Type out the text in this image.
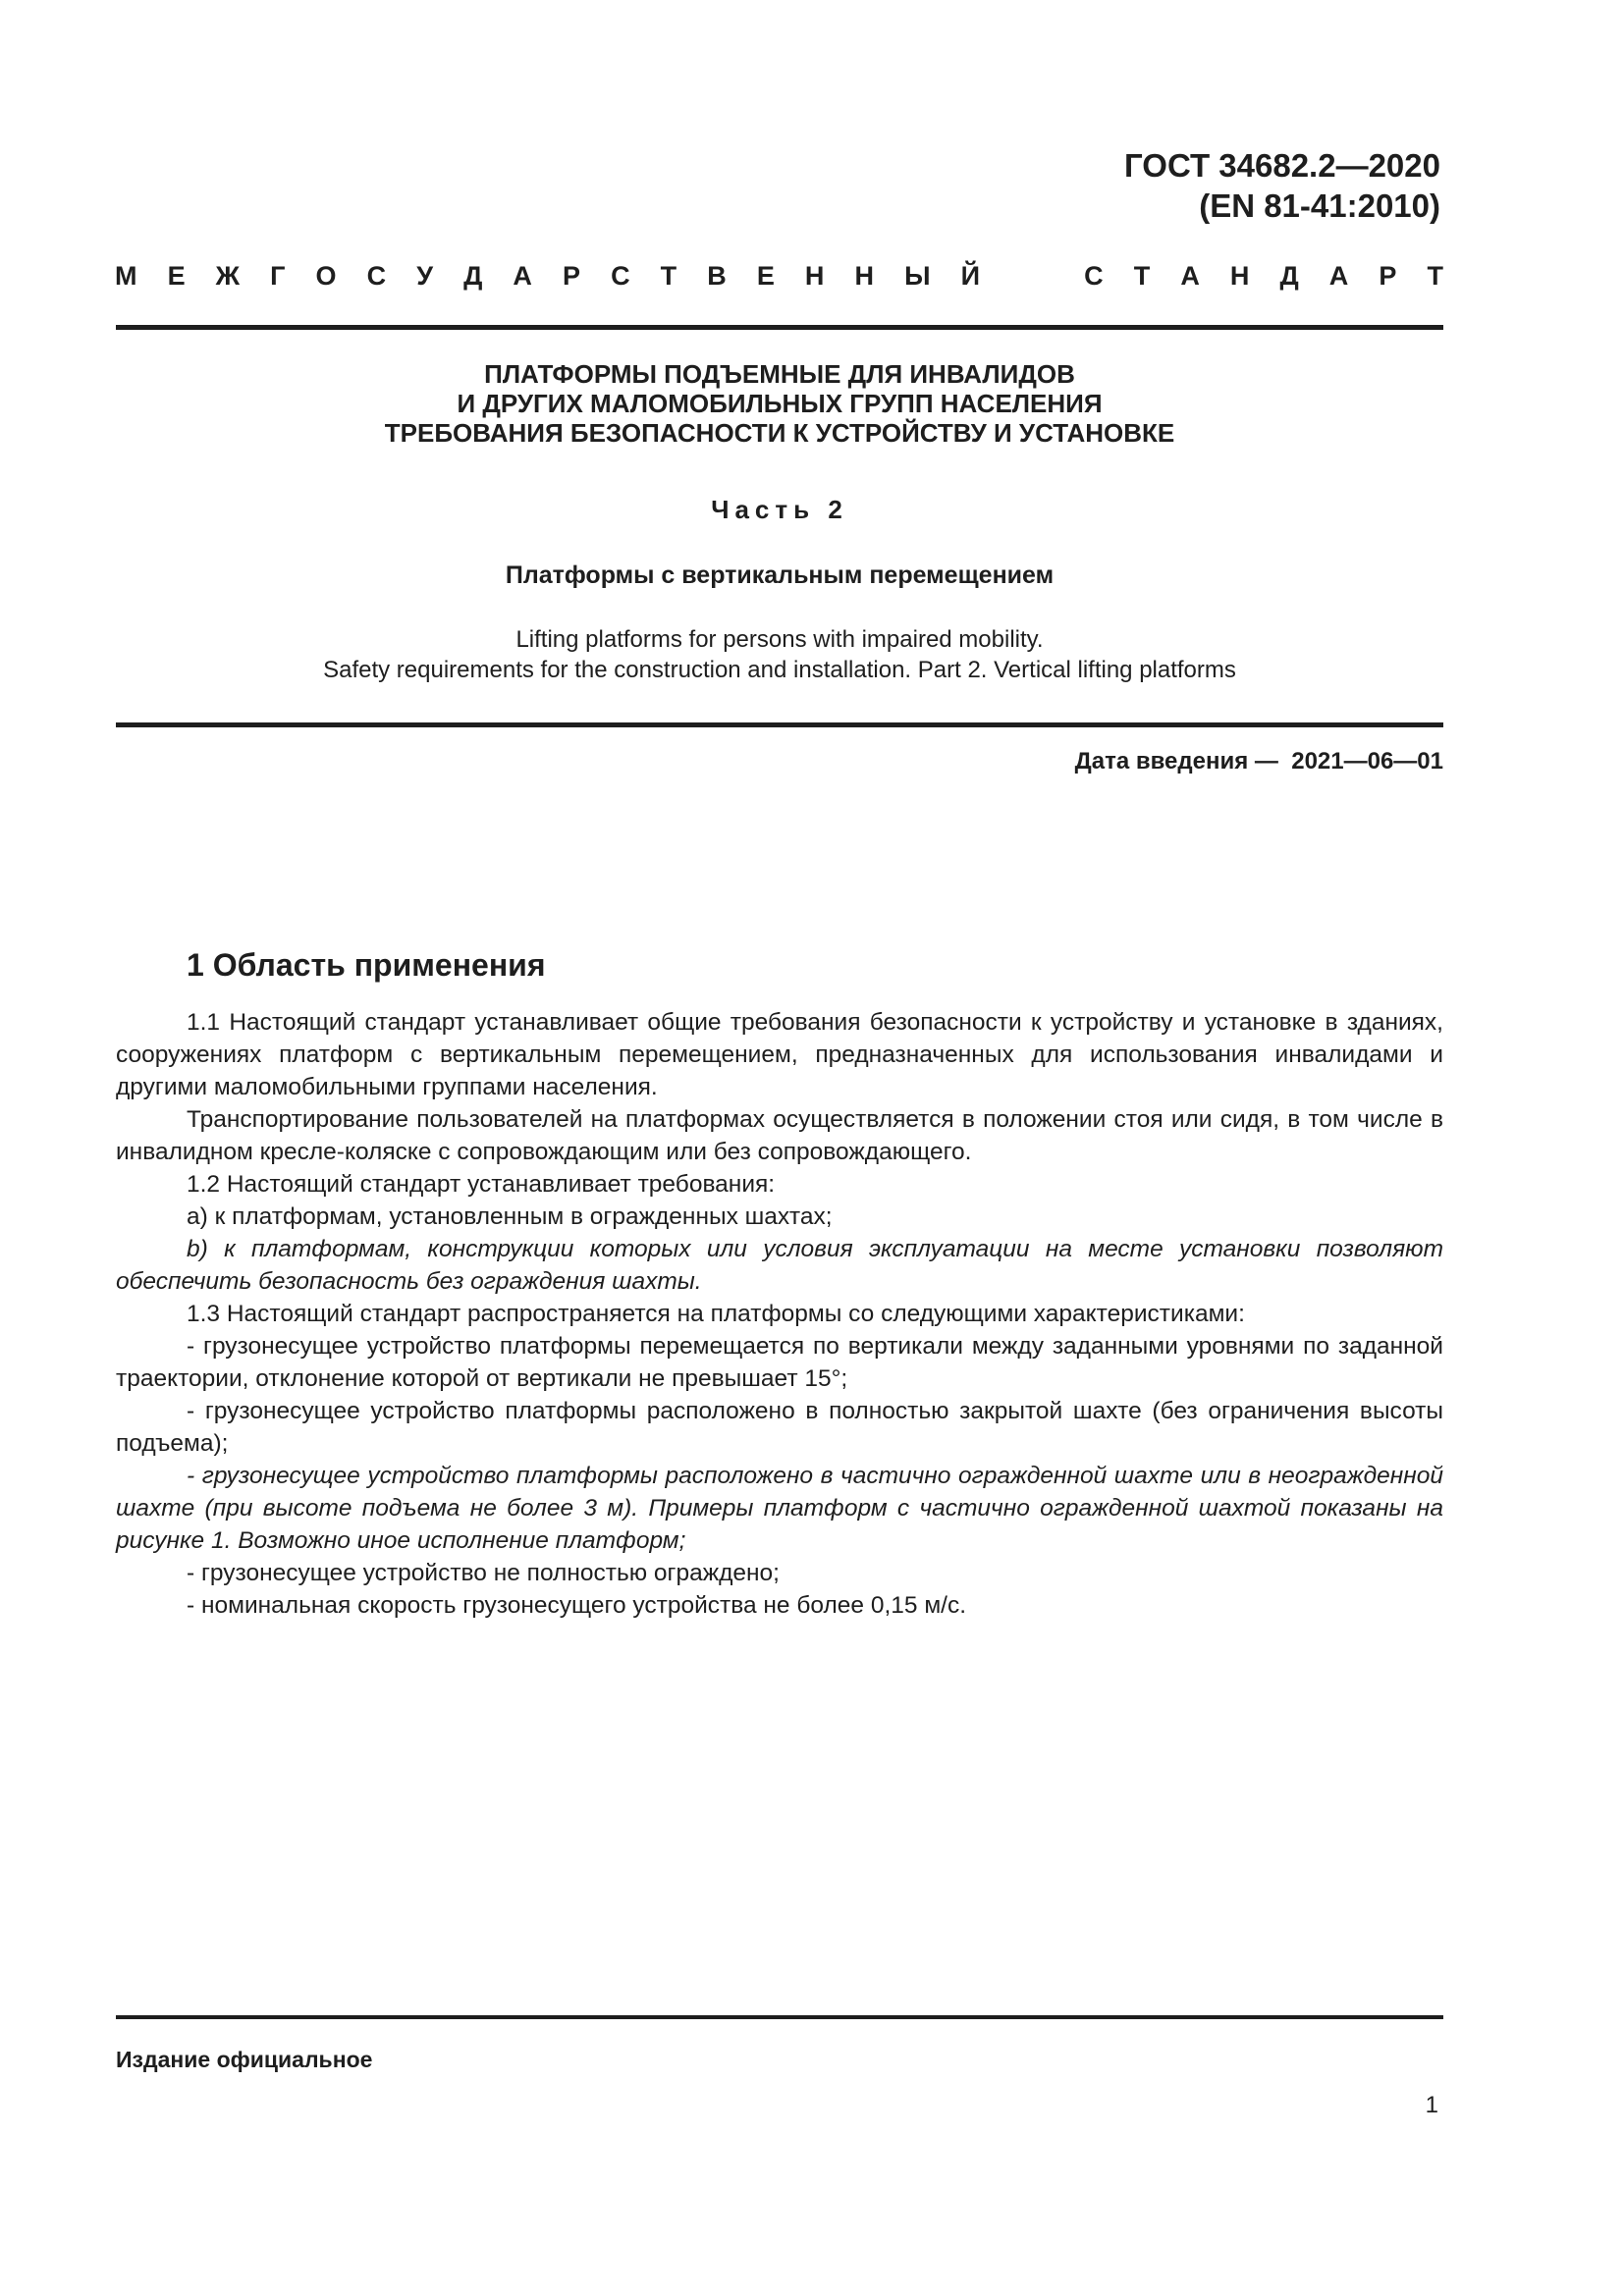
ГОСТ 34682.2—2020
(EN 81-41:2010)
М Е Ж Г О С У Д А Р С Т В Е Н Н Ы Й	С Т А Н Д А Р Т
ПЛАТФОРМЫ ПОДЪЕМНЫЕ ДЛЯ ИНВАЛИДОВ
И ДРУГИХ МАЛОМОБИЛЬНЫХ ГРУПП НАСЕЛЕНИЯ
ТРЕБОВАНИЯ БЕЗОПАСНОСТИ К УСТРОЙСТВУ И УСТАНОВКЕ
Часть 2
Платформы с вертикальным перемещением
Lifting platforms for persons with impaired mobility.
Safety requirements for the construction and installation. Part 2. Vertical lifting platforms
Дата введения —  2021—06—01
1 Область применения

1.1 Настоящий стандарт устанавливает общие требования безопасности к устройству и установке в зданиях, сооружениях платформ с вертикальным перемещением, предназначенных для использования инвалидами и другими маломобильными группами населения.

Транспортирование пользователей на платформах осуществляется в положении стоя или сидя, в том числе в инвалидном кресле-коляске с сопровождающим или без сопровождающего.

1.2 Настоящий стандарт устанавливает требования:

а) к платформам, установленным в огражденных шахтах;

b) к платформам, конструкции которых или условия эксплуатации на месте установки позволяют обеспечить безопасность без ограждения шахты.

1.3 Настоящий стандарт распространяется на платформы со следующими характеристиками:

- грузонесущее устройство платформы перемещается по вертикали между заданными уровнями по заданной траектории, отклонение которой от вертикали не превышает 15°;

- грузонесущее устройство платформы расположено в полностью закрытой шахте (без ограничения высоты подъема);

- грузонесущее устройство платформы расположено в частично огражденной шахте или в неогражденной шахте (при высоте подъема не более 3 м). Примеры платформ с частично огражденной шахтой показаны на рисунке 1. Возможно иное исполнение платформ;

- грузонесущее устройство не полностью ограждено;

- номинальная скорость грузонесущего устройства не более 0,15 м/с.

Издание официальное
1
